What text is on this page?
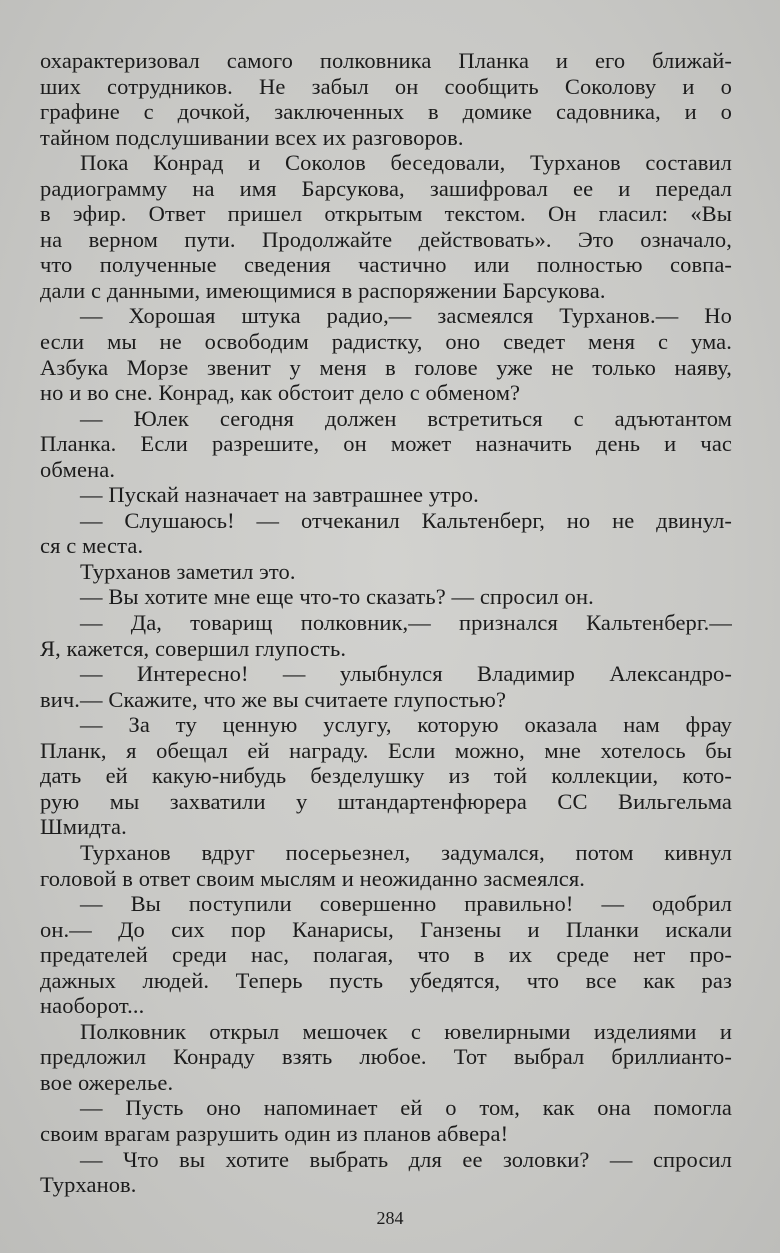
охарактеризовал самого полковника Планка и его ближай-
ших сотрудников. Не забыл он сообщить Соколову и о
графине с дочкой, заключенных в домике садовника, и о
тайном подслушивании всех их разговоров.
Пока Конрад и Соколов беседовали, Турханов составил
радиограмму на имя Барсукова, зашифровал ее и передал
в эфир. Ответ пришел открытым текстом. Он гласил: «Вы
на верном пути. Продолжайте действовать». Это означало,
что полученные сведения частично или полностью совпа-
дали с данными, имеющимися в распоряжении Барсукова.
— Хорошая штука радио,— засмеялся Турханов.— Но
если мы не освободим радистку, оно сведет меня с ума.
Азбука Морзе звенит у меня в голове уже не только наяву,
но и во сне. Конрад, как обстоит дело с обменом?
— Юлек сегодня должен встретиться с адъютантом
Планка. Если разрешите, он может назначить день и час
обмена.
— Пускай назначает на завтрашнее утро.
— Слушаюсь! — отчеканил Кальтенберг, но не двинул-
ся с места.
Турханов заметил это.
— Вы хотите мне еще что-то сказать? — спросил он.
— Да, товарищ полковник,— признался Кальтенберг.—
Я, кажется, совершил глупость.
— Интересно! — улыбнулся Владимир Александро-
вич.— Скажите, что же вы считаете глупостью?
— За ту ценную услугу, которую оказала нам фрау
Планк, я обещал ей награду. Если можно, мне хотелось бы
дать ей какую-нибудь безделушку из той коллекции, кото-
рую мы захватили у штандартенфюрера СС Вильгельма
Шмидта.
Турханов вдруг посерьезнел, задумался, потом кивнул
головой в ответ своим мыслям и неожиданно засмеялся.
— Вы поступили совершенно правильно! — одобрил
он.— До сих пор Канарисы, Ганзены и Планки искали
предателей среди нас, полагая, что в их среде нет про-
дажных людей. Теперь пусть убедятся, что все как раз
наоборот...
Полковник открыл мешочек с ювелирными изделиями и
предложил Конраду взять любое. Тот выбрал бриллианто-
вое ожерелье.
— Пусть оно напоминает ей о том, как она помогла
своим врагам разрушить один из планов абвера!
— Что вы хотите выбрать для ее золовки? — спросил
Турханов.
284
